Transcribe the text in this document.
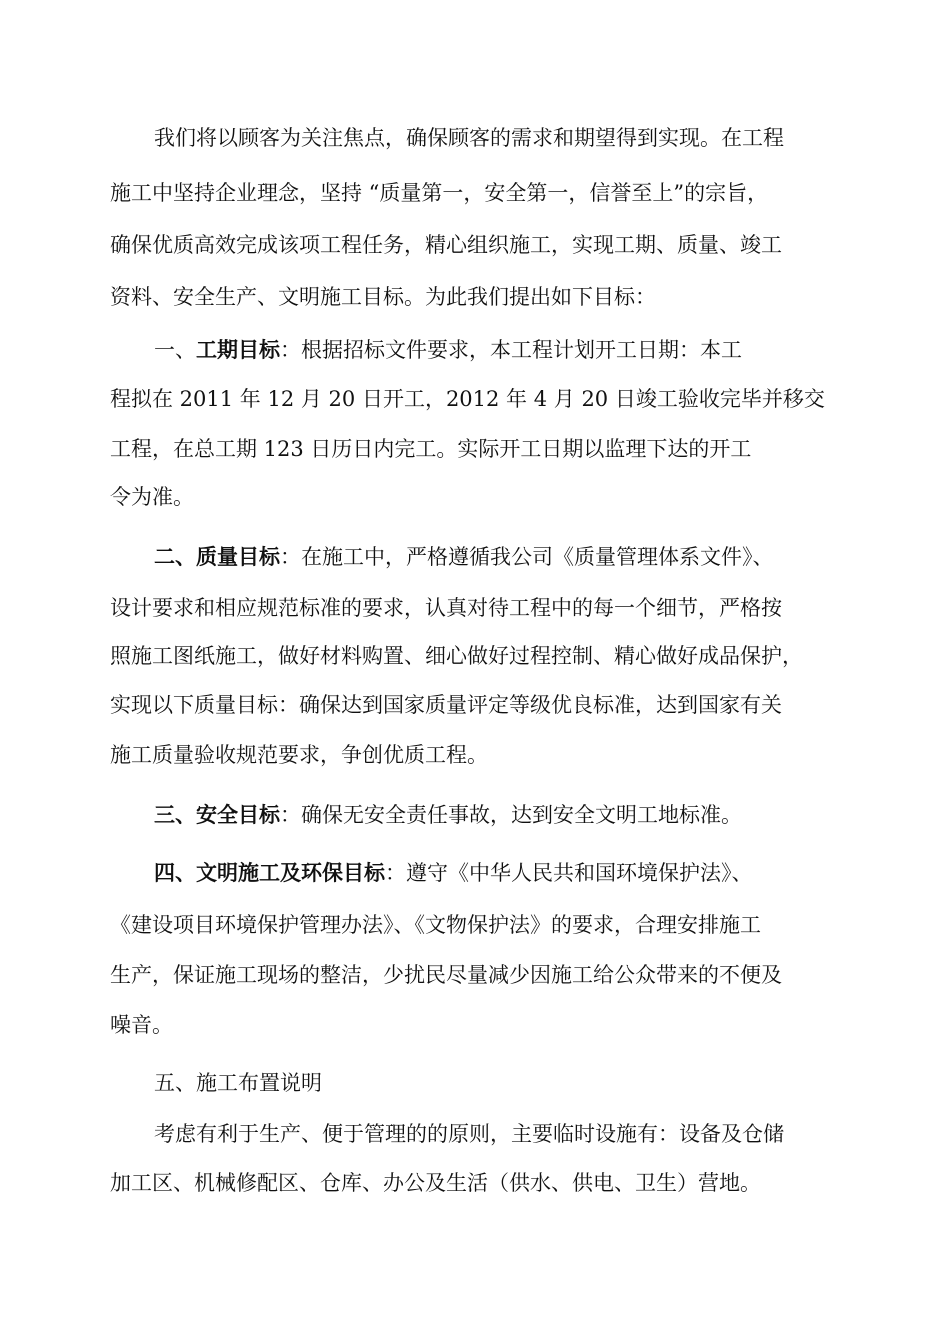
我们将以顾客为关注焦点，确保顾客的需求和期望得到实现。在工程
施工中坚持企业理念，坚持 “质量第一，安全第一，信誉至上”的宗旨，
确保优质高效完成该项工程任务，精心组织施工，实现工期、质量、竣工
资料、安全生产、文明施工目标。为此我们提出如下目标：
一、工期目标：根据招标文件要求，本工程计划开工日期：本工
程拟在 2011 年 12 月 20 日开工，2012 年 4 月 20 日竣工验收完毕并移交
工程，在总工期 123 日历日内完工。实际开工日期以监理下达的开工
令为准。
二、质量目标：在施工中，严格遵循我公司《质量管理体系文件》、
设计要求和相应规范标准的要求，认真对待工程中的每一个细节，严格按
照施工图纸施工，做好材料购置、细心做好过程控制、精心做好成品保护，
实现以下质量目标：确保达到国家质量评定等级优良标准，达到国家有关
施工质量验收规范要求，争创优质工程。
三、安全目标：确保无安全责任事故，达到安全文明工地标准。
四、文明施工及环保目标：遵守《中华人民共和国环境保护法》、
《建设项目环境保护管理办法》、《文物保护法》的要求，合理安排施工
生产，保证施工现场的整洁，少扰民尽量减少因施工给公众带来的不便及
噪音。
五、施工布置说明
考虑有利于生产、便于管理的的原则，主要临时设施有：设备及仓储
加工区、机械修配区、仓库、办公及生活（供水、供电、卫生）营地。
